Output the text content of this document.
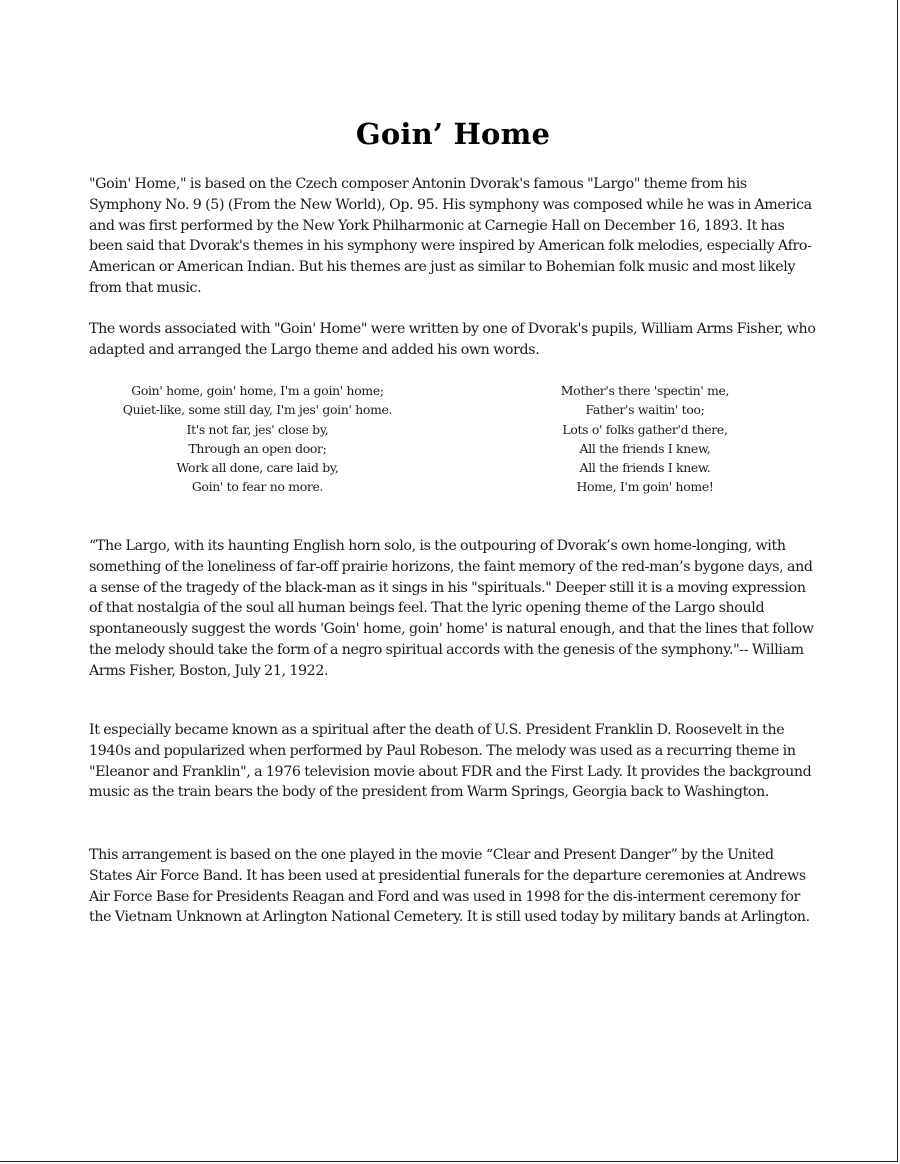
Goin’ Home

"Goin' Home," is based on the Czech composer Antonin Dvorak's famous "Largo" theme from his Symphony No. 9 (5) (From the New World), Op. 95. His symphony was composed while he was in America and was first performed by the New York Philharmonic at Carnegie Hall on December 16, 1893. It has been said that Dvorak's themes in his symphony were inspired by American folk melodies, especially Afro-American or American Indian. But his themes are just as similar to Bohemian folk music and most likely from that music.

The words associated with "Goin' Home" were written by one of Dvorak's pupils, William Arms Fisher, who adapted and arranged the Largo theme and added his own words.

Goin' home, goin' home, I'm a goin' home;
Quiet-like, some still day, I'm jes' goin' home.
It's not far, jes' close by,
Through an open door;
Work all done, care laid by,
Goin' to fear no more.
Mother's there 'spectin' me,
Father's waitin' too;
Lots o' folks gather'd there,
All the friends I knew,
All the friends I knew.
Home, I'm goin' home!

“The Largo, with its haunting English horn solo, is the outpouring of Dvorak’s own home-longing, with something of the loneliness of far-off prairie horizons, the faint memory of the red-man’s bygone days, and a sense of the tragedy of the black-man as it sings in his "spirituals." Deeper still it is a moving expression of that nostalgia of the soul all human beings feel. That the lyric opening theme of the Largo should spontaneously suggest the words 'Goin' home, goin' home' is natural enough, and that the lines that follow the melody should take the form of a negro spiritual accords with the genesis of the symphony."-- William Arms Fisher, Boston, July 21, 1922.

It especially became known as a spiritual after the death of U.S. President Franklin D. Roosevelt in the 1940s and popularized when performed by Paul Robeson. The melody was used as a recurring theme in "Eleanor and Franklin", a 1976 television movie about FDR and the First Lady. It provides the background music as the train bears the body of the president from Warm Springs, Georgia back to Washington.

This arrangement is based on the one played in the movie “Clear and Present Danger” by the United States Air Force Band. It has been used at presidential funerals for the departure ceremonies at Andrews Air Force Base for Presidents Reagan and Ford and was used in 1998 for the dis-interment ceremony for the Vietnam Unknown at Arlington National Cemetery. It is still used today by military bands at Arlington.
